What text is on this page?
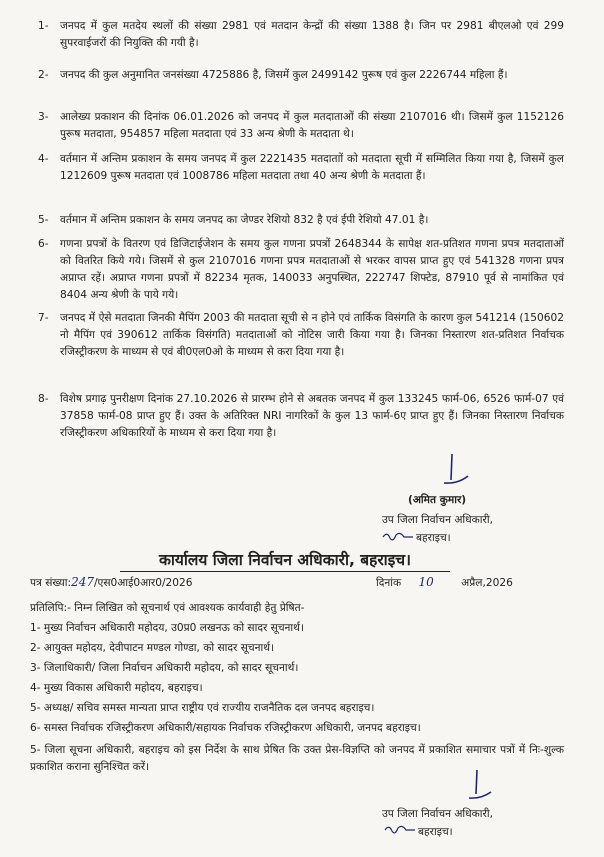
1- जनपद में कुल मतदेय स्थलों की संख्या 2981 एवं मतदान केन्द्रों की संख्या 1388 है। जिन पर 2981 बीएलओ एवं 299 सुपरवाईजरों की नियुक्ति की गयी है।
2- जनपद की कुल अनुमानित जनसंख्या 4725886 है, जिसमें कुल 2499142 पुरूष एवं कुल 2226744 महिला हैं।
3- आलेख्य प्रकाशन की दिनांक 06.01.2026 को जनपद में कुल मतदाताओं की संख्या 2107016 थी। जिसमें कुल 1152126 पुरूष मतदाता, 954857 महिला मतदाता एवं 33 अन्य श्रेणी के मतदाता थे।
4- वर्तमान में अन्तिम प्रकाशन के समय जनपद में कुल 2221435 मतदाताों को मतदाता सूची में सम्मिलित किया गया है, जिसमें कुल 1212609 पुरूष मतदाता एवं 1008786 महिला मतदाता तथा 40 अन्य श्रेणी के मतदाता हैं।
5- वर्तमान में अन्तिम प्रकाशन के समय जनपद का जेण्डर रेशियो 832 है एवं ईपी रेशियो 47.01 है।
6- गणना प्रपत्रों के वितरण एवं डिजिटाईजेशन के समय कुल गणना प्रपत्रों 2648344 के सापेक्ष शत-प्रतिशत गणना प्रपत्र मतदाताओं को वितरित किये गये। जिसमें से कुल 2107016 गणना प्रपत्र मतदाताओं से भरकर वापस प्राप्त हुए एवं 541328 गणना प्रपत्र अप्राप्त रहें। अप्राप्त गणना प्रपत्रों में 82234 मृतक, 140033 अनुपस्थित, 222747 शिफ्टेड, 87910 पूर्व से नामांकित एवं 8404 अन्य श्रेणी के पाये गये।
7- जनपद में ऐसे मतदाता जिनकी मैपिंग 2003 की मतदाता सूची से न होने एवं तार्किक विसंगति के कारण कुल 541214 (150602 नो मैपिंग एवं 390612 तार्किक विसंगति) मतदाताओं को नोटिस जारी किया गया है। जिनका निस्तारण शत-प्रतिशत निर्वाचक रजिस्ट्रीकरण के माध्यम से एवं बी0एल0ओ के माध्यम से करा दिया गया है।
8- विशेष प्रगाढ़ पुनरीक्षण दिनांक 27.10.2026 से प्रारम्भ होने से अबतक जनपद में कुल 133245 फार्म-06, 6526 फार्म-07 एवं 37858 फार्म-08 प्राप्त हुए हैं। उक्त के अतिरिक्त NRI नागरिकों के कुल 13 फार्म-6ए प्राप्त हुए हैं। जिनका निस्तारण निर्वाचक रजिस्ट्रीकरण अधिकारियों के माध्यम से करा दिया गया है।
(अमित कुमार)
उप जिला निर्वाचन अधिकारी,
बहराइच।
कार्यालय जिला निर्वाचन अधिकारी, बहराइच।
पत्र संख्या:247/एस0आई0आर0/2026	दिनांक 10	अप्रैल,2026
प्रतिलिपि:- निम्न लिखित को सूचनार्थ एवं आवश्यक कार्यवाही हेतु प्रेषित-
1- मुख्य निर्वाचन अधिकारी महोदय, उ0प्र0 लखनऊ को सादर सूचनार्थ।
2- आयुक्त महोदय, देवीपाटन मण्डल गोण्डा, को सादर सूचनार्थ।
3- जिलाधिकारी/ जिला निर्वाचन अधिकारी महोदय, को सादर सूचनार्थ।
4- मुख्य विकास अधिकारी महोदय, बहराइच।
5- अध्यक्ष/ सचिव समस्त मान्यता प्राप्त राष्ट्रीय एवं राज्यीय राजनैतिक दल जनपद बहराइच।
6- समस्त निर्वाचक रजिस्ट्रीकरण अधिकारी/सहायक निर्वाचक रजिस्ट्रीकरण अधिकारी, जनपद बहराइच।
5- जिला सूचना अधिकारी, बहराइच को इस निर्देश के साथ प्रेषित कि उक्त प्रेस-विज्ञप्ति को जनपद में प्रकाशित समाचार पत्रों में निः-शुल्क प्रकाशित कराना सुनिश्चित करें।
उप जिला निर्वाचन अधिकारी,
बहराइच।
